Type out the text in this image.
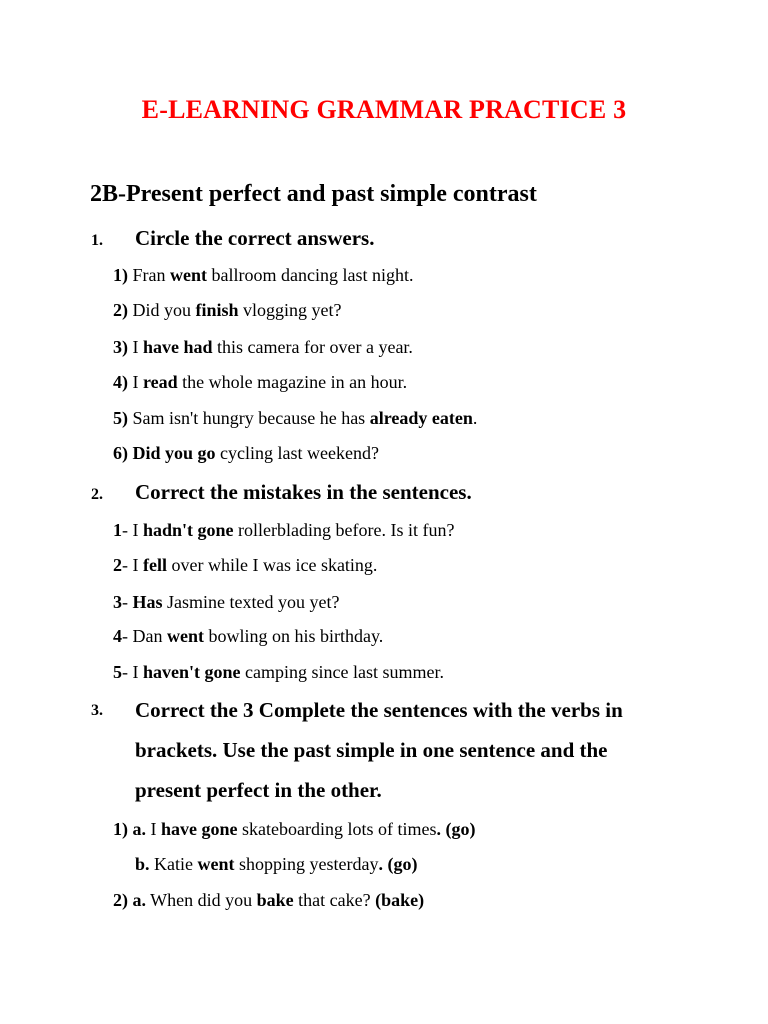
E-LEARNING GRAMMAR PRACTICE 3
2B-Present perfect and past simple contrast
1. Circle the correct answers.
1) Fran went ballroom dancing last night.
2) Did you finish vlogging yet?
3) I have had this camera for over a year.
4) I read the whole magazine in an hour.
5) Sam isn't hungry because he has already eaten.
6) Did you go cycling last weekend?
2. Correct the mistakes in the sentences.
1- I hadn't gone rollerblading before. Is it fun?
2- I fell over while I was ice skating.
3- Has Jasmine texted you yet?
4- Dan went bowling on his birthday.
5- I haven't gone camping since last summer.
3. Correct the 3 Complete the sentences with the verbs in
brackets. Use the past simple in one sentence and the
present perfect in the other.
1) a. I have gone skateboarding lots of times. (go)
b. Katie went shopping yesterday. (go)
2) a. When did you bake that cake? (bake)
